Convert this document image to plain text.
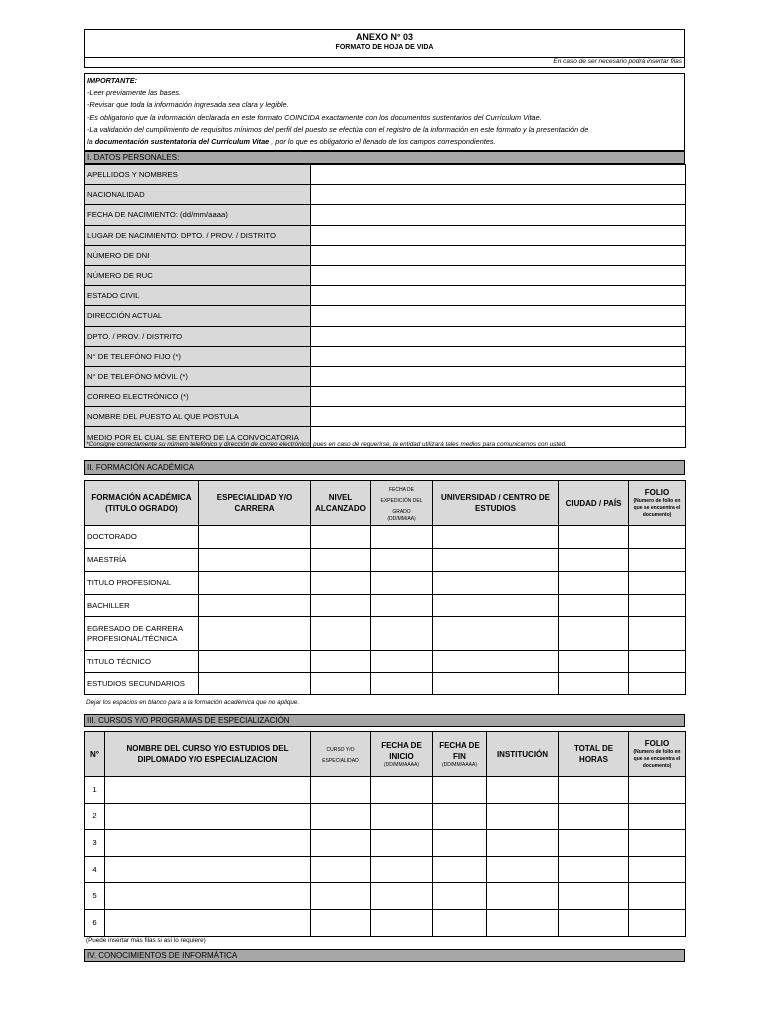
ANEXO N° 03
FORMATO DE HOJA DE VIDA
En caso de ser necesario podrá insertar filas
IMPORTANTE:
-Leer previamente las bases.
-Revisar que toda la información ingresada sea clara y legible.
-Es obligatorio que la información declarada en este formato COINCIDA exactamente con los documentos sustentarios del Currículum Vitae.
-La validación del cumplimiento de requisitos mínimos del perfil del puesto se efectúa con el registro de la información en este formato y la presentación de
la documentación sustentatoria del Currículum Vitae , por lo que es obligatorio el llenado de los campos correspondientes.
I. DATOS PERSONALES:
APELLIDOS Y NOMBRES	
NACIONALIDAD	
FECHA DE NACIMIENTO: (dd/mm/aaaa)	
LUGAR DE NACIMIENTO: DPTO. / PROV. / DISTRITO	
NÚMERO DE DNI	
NÚMERO DE RUC	
ESTADO CIVIL	
DIRECCIÓN ACTUAL	
DPTO. / PROV. / DISTRITO	
N° DE TELEFÓNO FIJO (*)	
N° DE TELEFÓNO MÓVIL (*)	
CORREO ELECTRÓNICO (*)	
NOMBRE DEL PUESTO AL QUE POSTULA	
MEDIO POR EL CUAL SE ENTERO DE LA CONVOCATORIA	
*Consigne correctamente su número telefónico y dirección de correo electrónico, pues en caso de requerirse, la entidad utilizará tales medios para comunicarnos con usted.
II. FORMACIÓN ACADÉMICA
FORMACIÓN ACADÉMICA (TITULO OGRADO)	ESPECIALIDAD Y/O CARRERA	NIVEL ALCANZADO	FECHA DE EXPEDICIÓN DEL GRADO
(DD/MM/AA)	UNIVERSIDAD / CENTRO DE ESTUDIOS	CIUDAD / PAÍS	FOLIO
(Numero de folio en que se encuentra el documento)

DOCTORADO						
MAESTRÍA						
TITULO PROFESIONAL						
BACHILLER						
EGRESADO DE CARRERA PROFESIONAL/TÉCNICA						
TITULO TÉCNICO						
ESTUDIOS SECUNDARIOS						
Dejar los espacios en blanco para a la formación académica que no aplique.
III. CURSOS Y/O PROGRAMAS DE ESPECIALIZACIÓN
N°	NOMBRE DEL CURSO Y/O ESTUDIOS DEL DIPLOMADO Y/O ESPECIALIZACION	CURSO Y/O ESPECIALIDAD	FECHA DE INICIO
(DD/MM/AAAA)	FECHA DE FIN
(DD/MM/AAAA)	INSTITUCIÓN	TOTAL DE HORAS	FOLIO
(Numero de folio en que se encuentra el documento)

1							
2							
3							
4							
5							
6							
(Puede insertar más filas si así lo requiere)
IV. CONOCIMIENTOS DE INFORMÁTICA
